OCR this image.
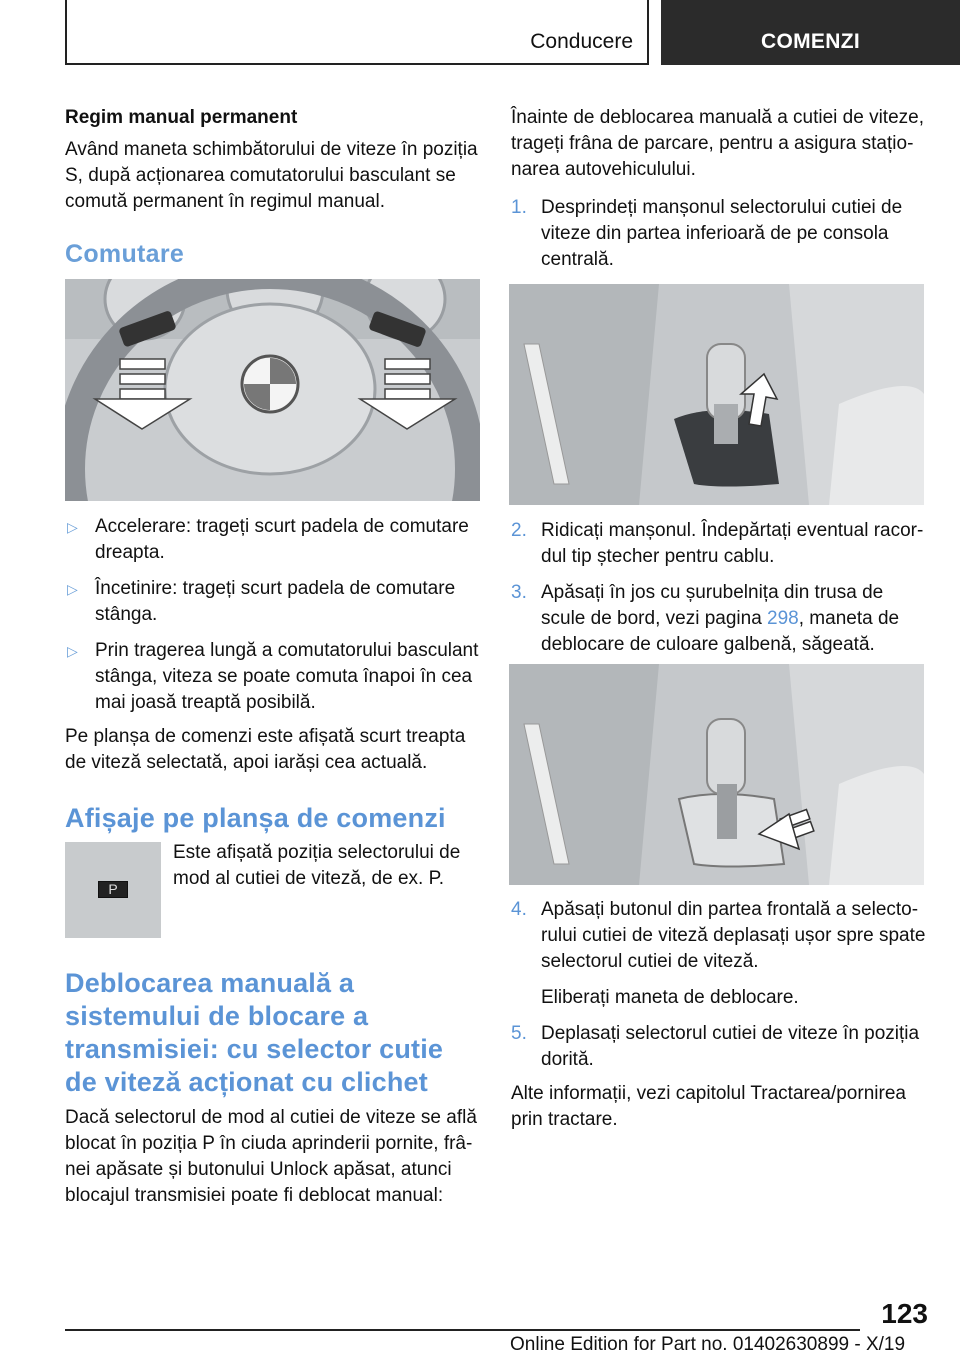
Conducere	COMENZI
Regim manual permanent
Având maneta schimbătorului de viteze în poziția S, după acționarea comutatorului basculant se comută permanent în regimul manual.
Comutare
▷ Accelerare: trageți scurt padela de comutare dreapta.
▷ Încetinire: trageți scurt padela de comutare stânga.
▷ Prin tragerea lungă a comutatorului basculant stânga, viteza se poate comuta înapoi în cea mai joasă treaptă posibilă.
Pe planșa de comenzi este afișată scurt treapta de viteză selectată, apoi iarăși cea actuală.
Afișaje pe planșa de comenzi
P
Este afișată poziția selectorului de mod al cutiei de viteză, de ex. P.
Deblocarea manuală a sistemului de blocare a transmisiei: cu selector cutie de viteză acționat cu clichet
Dacă selectorul de mod al cutiei de viteze se află blocat în poziția P în ciuda aprinderii pornite, frânei apăsate și butonului Unlock apăsat, atunci blocajul transmisiei poate fi deblocat manual:
Înainte de deblocarea manuală a cutiei de viteze, trageți frâna de parcare, pentru a asigura staționarea autovehiculului.
1. Desprindeți manșonul selectorului cutiei de viteze din partea inferioară de pe consola centrală.
2. Ridicați manșonul. Îndepărtați eventual racordul tip ștecher pentru cablu.
3. Apăsați în jos cu șurubelnița din trusa de scule de bord, vezi pagina 298, maneta de deblocare de culoare galbenă, săgeată.
4. Apăsați butonul din partea frontală a selectorului cutiei de viteză deplasați ușor spre spate selectorul cutiei de viteză.
Eliberați maneta de deblocare.
5. Deplasați selectorul cutiei de viteze în poziția dorită.
Alte informații, vezi capitolul Tractarea/pornirea prin tractare.
123
Online Edition for Part no. 01402630899 - X/19
